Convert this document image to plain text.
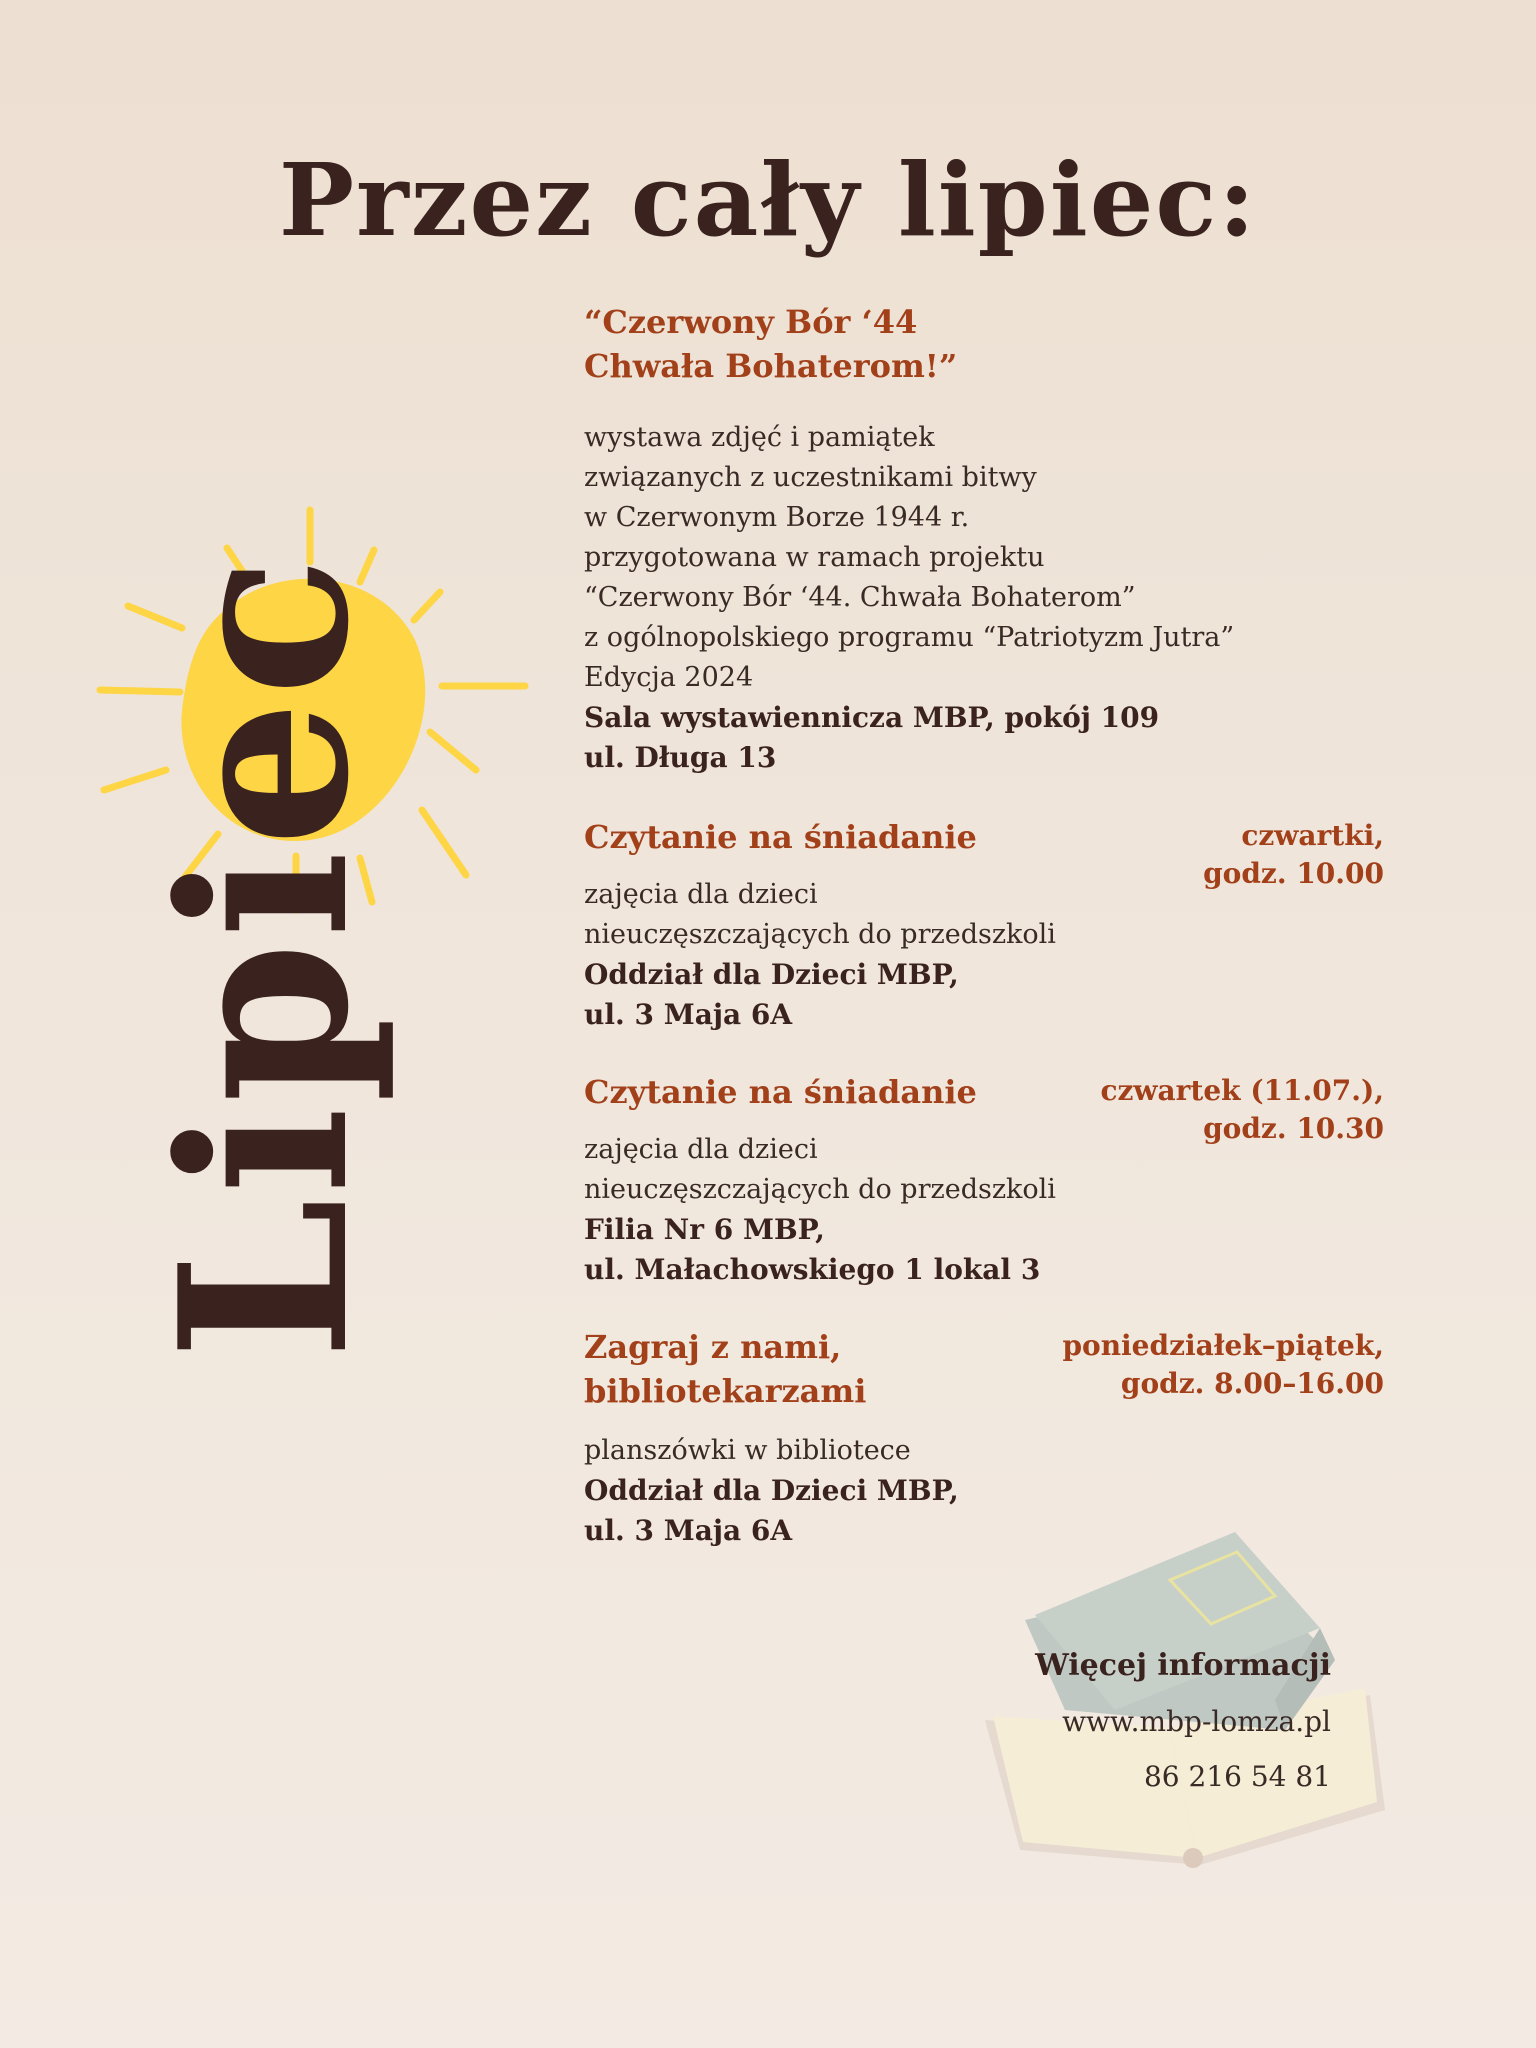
Przez cały lipiec:
Lipiec
“Czerwony Bór ‘44
Chwała Bohaterom!”

wystawa zdjęć i pamiątek
związanych z uczestnikami bitwy
w Czerwonym Borze 1944 r.
przygotowana w ramach projektu
“Czerwony Bór ‘44. Chwała Bohaterom”
z ogólnopolskiego programu “Patriotyzm Jutra”
Edycja 2024

Sala wystawiennicza MBP, pokój 109
ul. Długa 13

Czytanie na śniadanie	czwartki,
godz. 10.00

zajęcia dla dzieci
nieuczęszczających do przedszkoli

Oddział dla Dzieci MBP,
ul. 3 Maja 6A

Czytanie na śniadanie	czwartek (11.07.),
godz. 10.30

zajęcia dla dzieci
nieuczęszczających do przedszkoli

Filia Nr 6 MBP,
ul. Małachowskiego 1 lokal 3

Zagraj z nami,
bibliotekarzami
poniedziałek–piątek,
godz. 8.00–16.00

planszówki w bibliotece

Oddział dla Dzieci MBP,
ul. 3 Maja 6A

Więcej informacji

www.mbp-lomza.pl

86 216 54 81
